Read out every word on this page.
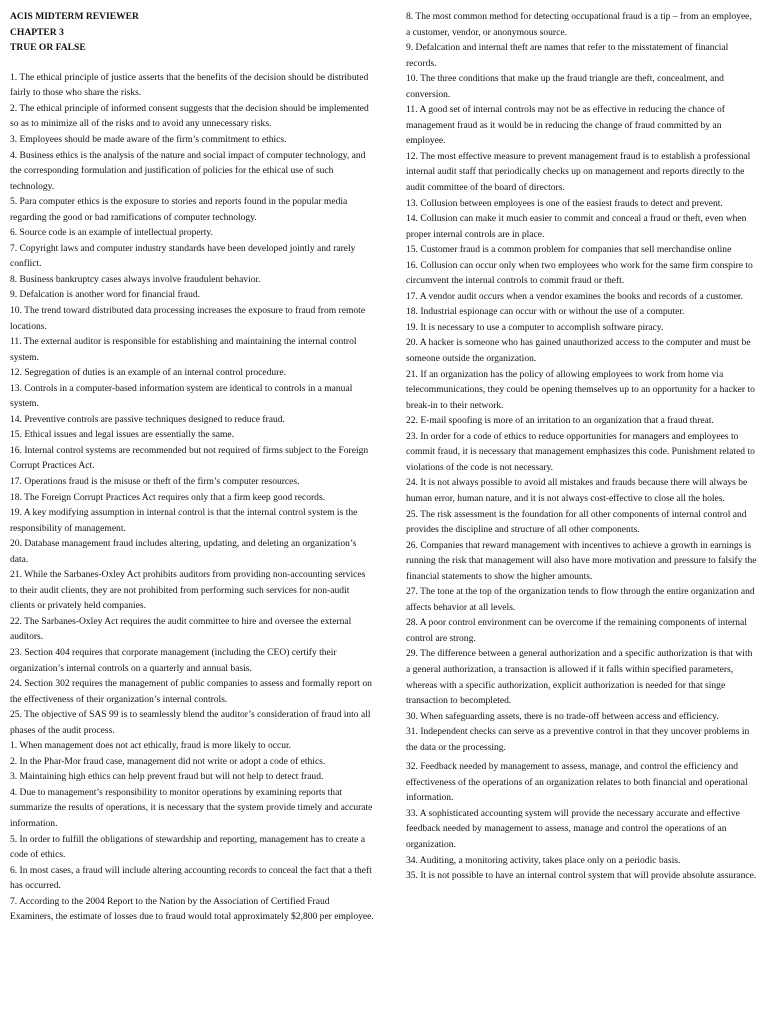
ACIS MIDTERM REVIEWER

CHAPTER 3

TRUE OR FALSE

1. The ethical principle of justice asserts that the benefits of the decision should be distributed fairly to those who share the risks.

2. The ethical principle of informed consent suggests that the decision should be implemented so as to minimize all of the risks and to avoid any unnecessary risks.

3. Employees should be made aware of the firm’s commitment to ethics.

4. Business ethics is the analysis of the nature and social impact of computer technology, and the corresponding formulation and justification of policies for the ethical use of such technology.

5. Para computer ethics is the exposure to stories and reports found in the popular media regarding the good or bad ramifications of computer technology.

6. Source code is an example of intellectual property.

7. Copyright laws and computer industry standards have been developed jointly and rarely conflict.

8. Business bankruptcy cases always involve fraudulent behavior.

9. Defalcation is another word for financial fraud.

10. The trend toward distributed data processing increases the exposure to fraud from remote locations.

11. The external auditor is responsible for establishing and maintaining the internal control system.

12. Segregation of duties is an example of an internal control procedure.

13. Controls in a computer-based information system are identical to controls in a manual system.

14. Preventive controls are passive techniques designed to reduce fraud.

15. Ethical issues and legal issues are essentially the same.

16. Internal control systems are recommended but not required of firms subject to the Foreign Corrupt Practices Act.

17. Operations fraud is the misuse or theft of the firm’s computer resources.

18. The Foreign Corrupt Practices Act requires only that a firm keep good records.

19. A key modifying assumption in internal control is that the internal control system is the responsibility of management.

20. Database management fraud includes altering, updating, and deleting an organization’s data.

21. While the Sarbanes-Oxley Act prohibits auditors from providing non-accounting services to their audit clients, they are not prohibited from performing such services for non-audit clients or privately held companies.

22. The Sarbanes-Oxley Act requires the audit committee to hire and oversee the external auditors.

23. Section 404 requires that corporate management (including the CEO) certify their organization’s internal controls on a quarterly and annual basis.

24. Section 302 requires the management of public companies to assess and formally report on the effectiveness of their organization’s internal controls.

25. The objective of SAS 99 is to seamlessly blend the auditor’s consideration of fraud into all phases of the audit process.

1. When management does not act ethically, fraud is more likely to occur.

2. In the Phar-Mor fraud case, management did not write or adopt a code of ethics.

3. Maintaining high ethics can help prevent fraud but will not help to detect fraud.

4. Due to management’s responsibility to monitor operations by examining reports that summarize the results of operations, it is necessary that the system provide timely and accurate information.

5. In order to fulfill the obligations of stewardship and reporting, management has to create a code of ethics.

6. In most cases, a fraud will include altering accounting records to conceal the fact that a theft has occurred.

7. According to the 2004 Report to the Nation by the Association of Certified Fraud Examiners, the estimate of losses due to fraud would total approximately $2,800 per employee.

8. The most common method for detecting occupational fraud is a tip – from an employee, a customer, vendor, or anonymous source.

9. Defalcation and internal theft are names that refer to the misstatement of financial records.

10. The three conditions that make up the fraud triangle are theft, concealment, and conversion.

11. A good set of internal controls may not be as effective in reducing the chance of management fraud as it would be in reducing the change of fraud committed by an employee.

12. The most effective measure to prevent management fraud is to establish a professional internal audit staff that periodically checks up on management and reports directly to the audit committee of the board of directors.

13. Collusion between employees is one of the easiest frauds to detect and prevent.

14. Collusion can make it much easier to commit and conceal a fraud or theft, even when proper internal controls are in place.

15. Customer fraud is a common problem for companies that sell merchandise online

16. Collusion can occur only when two employees who work for the same firm conspire to circumvent the internal controls to commit fraud or theft.

17. A vendor audit occurs when a vendor examines the books and records of a customer.

18. Industrial espionage can occur with or without the use of a computer.

19. It is necessary to use a computer to accomplish software piracy.

20. A hacker is someone who has gained unauthorized access to the computer and must be someone outside the organization.

21. If an organization has the policy of allowing employees to work from home via telecommunications, they could be opening themselves up to an opportunity for a hacker to break-in to their network.

22. E-mail spoofing is more of an irritation to an organization that a fraud threat.

23. In order for a code of ethics to reduce opportunities for managers and employees to commit fraud, it is necessary that management emphasizes this code. Punishment related to violations of the code is not necessary.

24. It is not always possible to avoid all mistakes and frauds because there will always be human error, human nature, and it is not always cost-effective to close all the holes.

25. The risk assessment is the foundation for all other components of internal control and provides the discipline and structure of all other components.

26. Companies that reward management with incentives to achieve a growth in earnings is running the risk that management will also have more motivation and pressure to falsify the financial statements to show the higher amounts.

27. The tone at the top of the organization tends to flow through the entire organization and affects behavior at all levels.

28. A poor control environment can be overcome if the remaining components of internal control are strong.

29. The difference between a general authorization and a specific authorization is that with a general authorization, a transaction is allowed if it falls within specified parameters, whereas with a specific authorization, explicit authorization is needed for that singe transaction to becompleted.

30. When safeguarding assets, there is no trade-off between access and efficiency.

31. Independent checks can serve as a preventive control in that they uncover problems in the data or the processing.

32. Feedback needed by management to assess, manage, and control the efficiency and effectiveness of the operations of an organization relates to both financial and operational information.

33. A sophisticated accounting system will provide the necessary accurate and effective feedback needed by management to assess, manage and control the operations of an organization.

34. Auditing, a monitoring activity, takes place only on a periodic basis.

35. It is not possible to have an internal control system that will provide absolute assurance.
